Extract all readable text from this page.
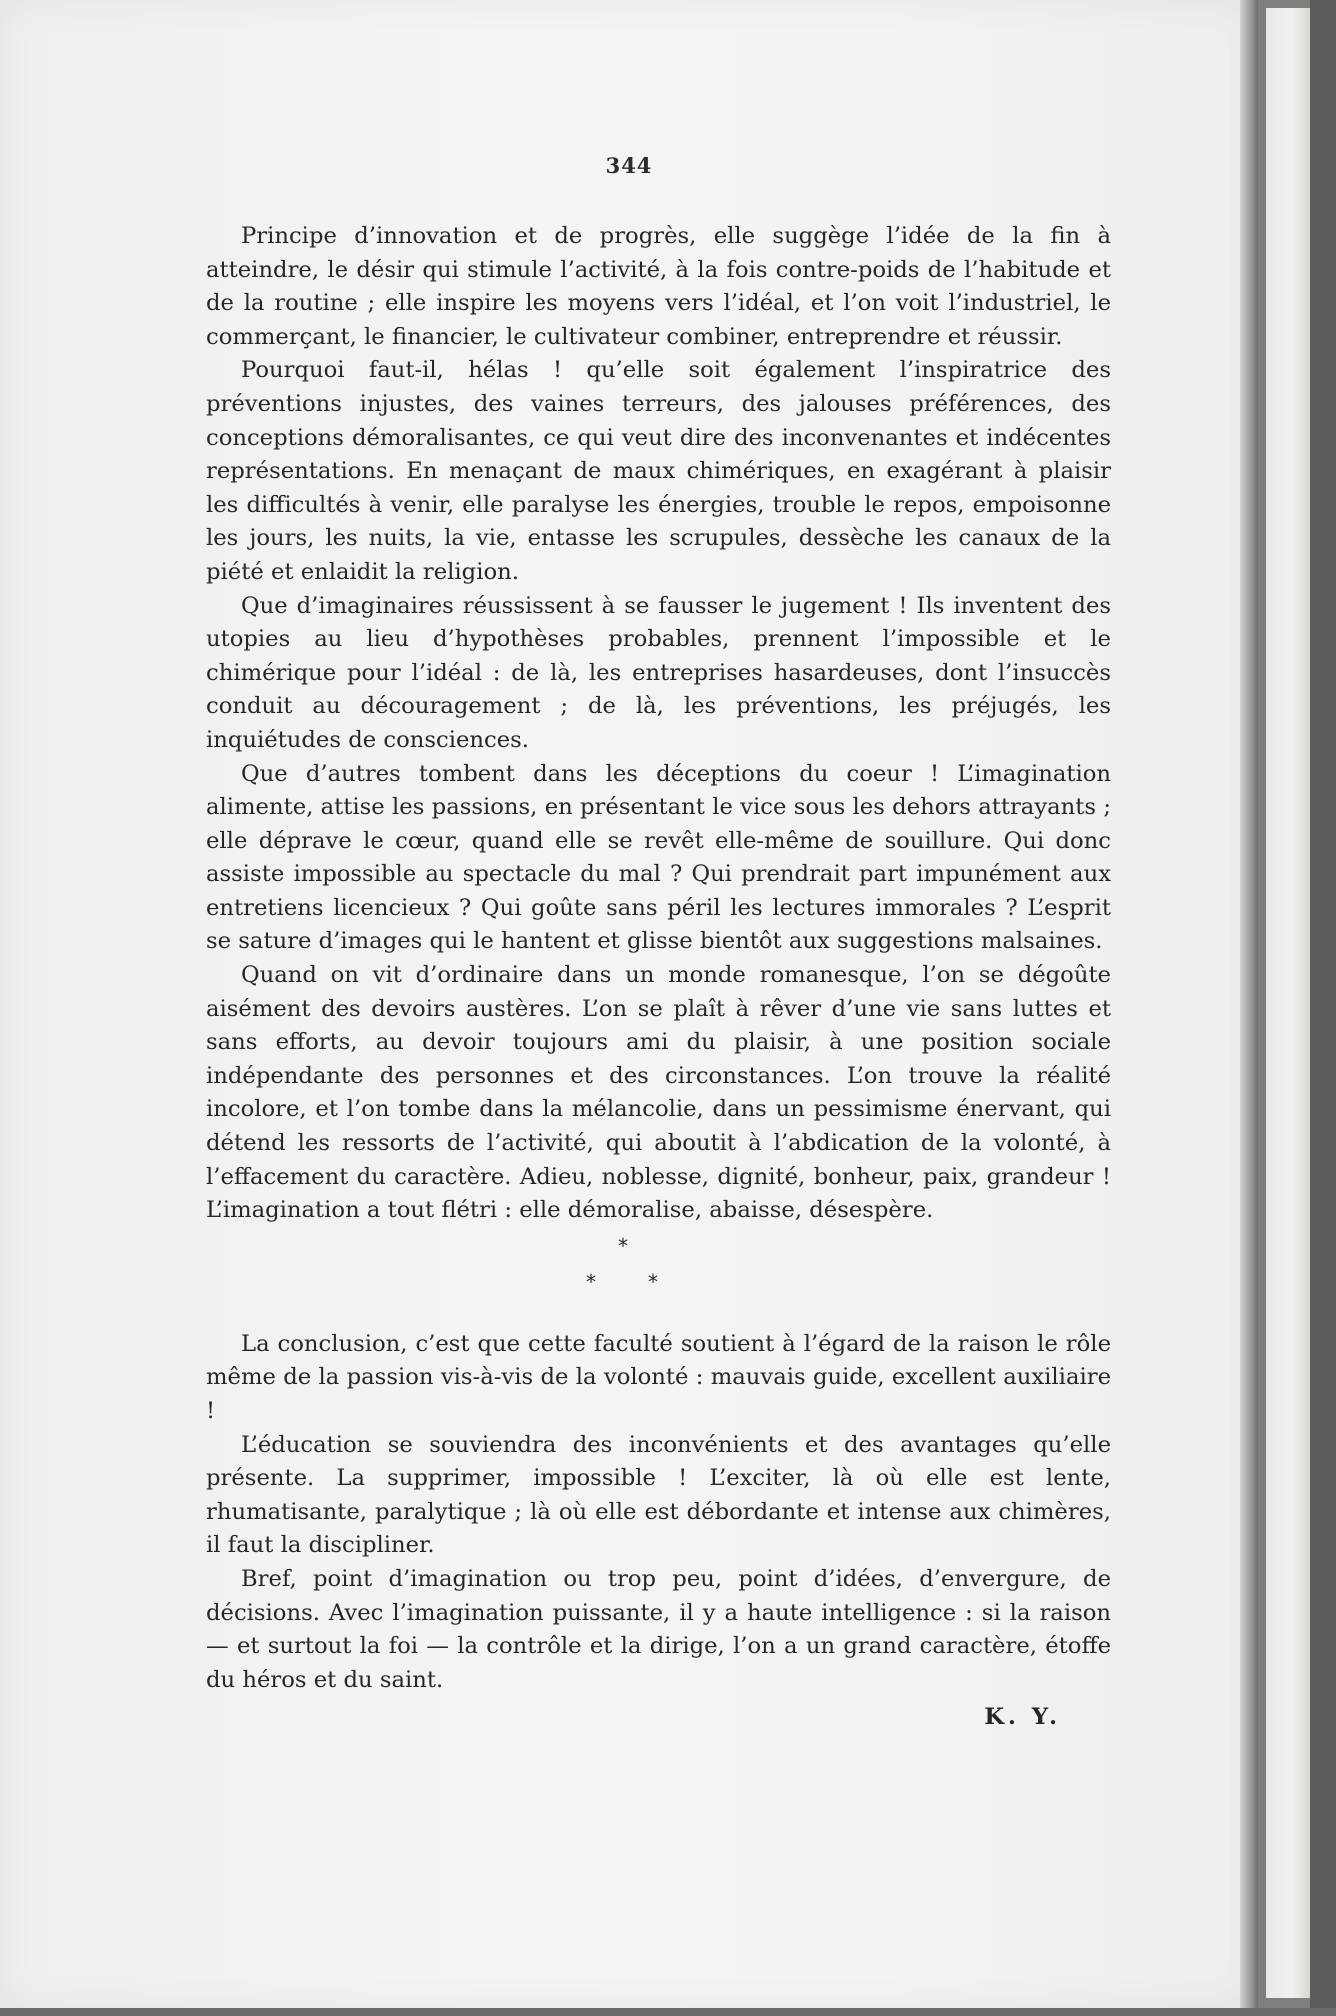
344

Principe d’innovation et de progrès, elle suggège l’idée de la fin à atteindre, le désir qui stimule l’activité, à la fois contre-poids de l’habitude et de la routine ; elle inspire les moyens vers l’idéal, et l’on voit l’industriel, le commerçant, le financier, le cultivateur combiner, entreprendre et réussir.

Pourquoi faut-il, hélas ! qu’elle soit également l’inspiratrice des préventions injustes, des vaines terreurs, des jalouses préférences, des conceptions démoralisantes, ce qui veut dire des inconvenantes et indécentes représentations. En menaçant de maux chimériques, en exagérant à plaisir les difficultés à venir, elle paralyse les énergies, trouble le repos, empoisonne les jours, les nuits, la vie, entasse les scrupules, dessèche les canaux de la piété et enlaidit la religion.

Que d’imaginaires réussissent à se fausser le jugement ! Ils inventent des utopies au lieu d’hypothèses probables, prennent l’impossible et le chimérique pour l’idéal : de là, les entreprises hasardeuses, dont l’insuccès conduit au découragement ; de là, les préventions, les préjugés, les inquiétudes de consciences.

Que d’autres tombent dans les déceptions du coeur ! L’imagination alimente, attise les passions, en présentant le vice sous les dehors attrayants ; elle déprave le cœur, quand elle se revêt elle-même de souillure. Qui donc assiste impossible au spectacle du mal ? Qui prendrait part impunément aux entretiens licencieux ? Qui goûte sans péril les lectures immorales ? L’esprit se sature d’images qui le hantent et glisse bientôt aux suggestions malsaines.

Quand on vit d’ordinaire dans un monde romanesque, l’on se dégoûte aisément des devoirs austères. L’on se plaît à rêver d’une vie sans luttes et sans efforts, au devoir toujours ami du plaisir, à une position sociale indépendante des personnes et des circonstances. L’on trouve la réalité incolore, et l’on tombe dans la mélancolie, dans un pessimisme énervant, qui détend les ressorts de l’activité, qui aboutit à l’abdication de la volonté, à l’effacement du caractère. Adieu, noblesse, dignité, bonheur, paix, grandeur ! L’imagination a tout flétri : elle démoralise, abaisse, désespère.

*
*	*

La conclusion, c’est que cette faculté soutient à l’égard de la raison le rôle même de la passion vis-à-vis de la volonté : mauvais guide, excellent auxiliaire !

L’éducation se souviendra des inconvénients et des avantages qu’elle présente. La supprimer, impossible ! L’exciter, là où elle est lente, rhumatisante, paralytique ; là où elle est débordante et intense aux chimères, il faut la discipliner.

Bref, point d’imagination ou trop peu, point d’idées, d’envergure, de décisions. Avec l’imagination puissante, il y a haute intelligence : si la raison — et surtout la foi — la contrôle et la dirige, l’on a un grand caractère, étoffe du héros et du saint.

K. Y.
